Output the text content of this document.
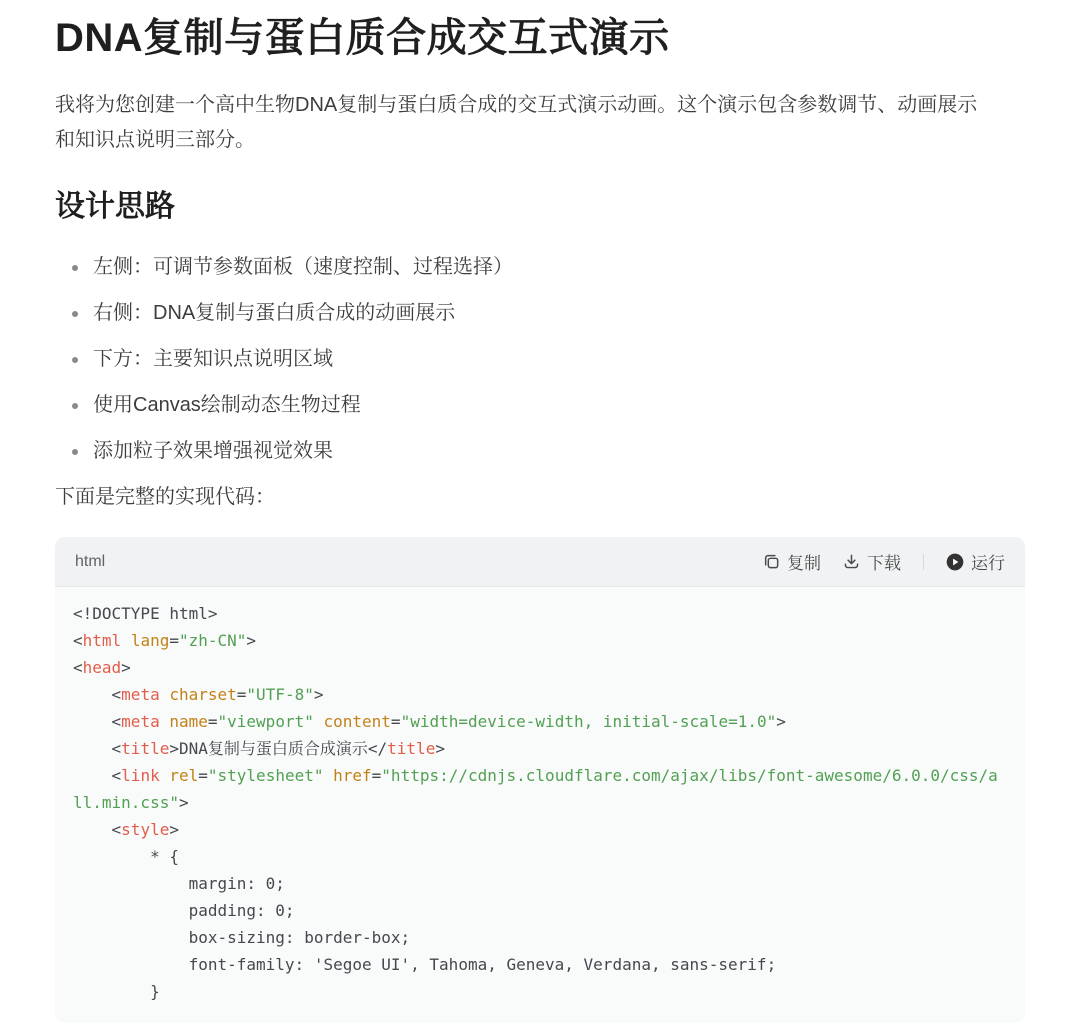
DNA复制与蛋白质合成交互式演示

我将为您创建一个高中生物DNA复制与蛋白质合成的交互式演示动画。这个演示包含参数调节、动画展示和知识点说明三部分。

设计思路
左侧：可调节参数面板（速度控制、过程选择）
右侧：DNA复制与蛋白质合成的动画展示
下方：主要知识点说明区域
使用Canvas绘制动态生物过程
添加粒子效果增强视觉效果

下面是完整的实现代码：

html	复制	下载	运行
<!DOCTYPE html>
<html lang="zh-CN">
<head>
<meta charset="UTF-8">
<meta name="viewport" content="width=device-width, initial-scale=1.0">
<title>DNA复制与蛋白质合成演示</title>
<link rel="stylesheet" href="https://cdnjs.cloudflare.com/ajax/libs/font-awesome/6.0.0/css/a
ll.min.css">
<style>
* {
margin: 0;
padding: 0;
box-sizing: border-box;
font-family: 'Segoe UI', Tahoma, Geneva, Verdana, sans-serif;
}
